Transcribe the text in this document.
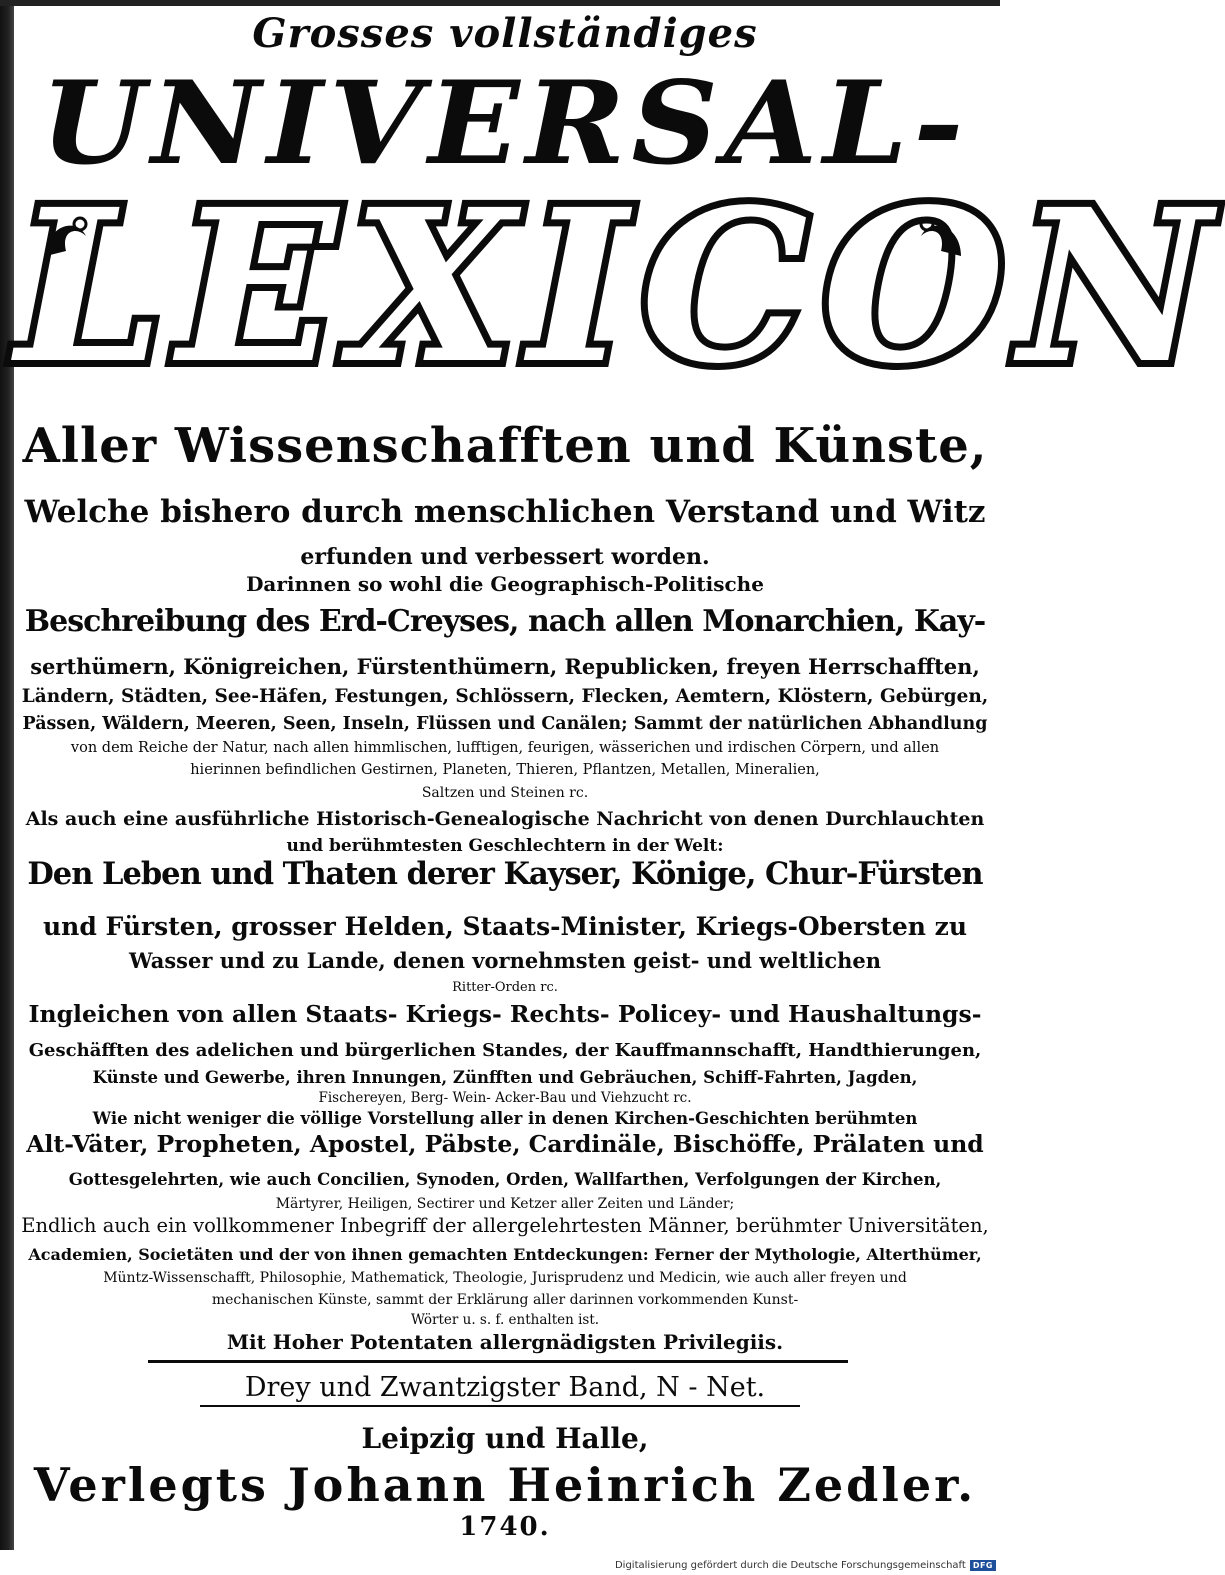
Grosses vollständiges
UNIVERSAL-
LEXICON
Aller Wissenschafften und Künste,
Welche bishero durch menschlichen Verstand und Witz
erfunden und verbessert worden.
Darinnen so wohl die Geographisch-Politische
Beschreibung des Erd-Creyses, nach allen Monarchien, Kay-
serthümern, Königreichen, Fürstenthümern, Republicken, freyen Herrschafften,
Ländern, Städten, See-Häfen, Festungen, Schlössern, Flecken, Aemtern, Klöstern, Gebürgen,
Pässen, Wäldern, Meeren, Seen, Inseln, Flüssen und Canälen; Sammt der natürlichen Abhandlung
von dem Reiche der Natur, nach allen himmlischen, lufftigen, feurigen, wässerichen und irdischen Cörpern, und allen
hierinnen befindlichen Gestirnen, Planeten, Thieren, Pflantzen, Metallen, Mineralien,
Saltzen und Steinen rc.
Als auch eine ausführliche Historisch-Genealogische Nachricht von denen Durchlauchten
und berühmtesten Geschlechtern in der Welt:
Den Leben und Thaten derer Kayser, Könige, Chur-Fürsten
und Fürsten, grosser Helden, Staats-Minister, Kriegs-Obersten zu
Wasser und zu Lande, denen vornehmsten geist- und weltlichen
Ritter-Orden rc.
Ingleichen von allen Staats- Kriegs- Rechts- Policey- und Haushaltungs-
Geschäfften des adelichen und bürgerlichen Standes, der Kauffmannschafft, Handthierungen,
Künste und Gewerbe, ihren Innungen, Zünfften und Gebräuchen, Schiff-Fahrten, Jagden,
Fischereyen, Berg- Wein- Acker-Bau und Viehzucht rc.
Wie nicht weniger die völlige Vorstellung aller in denen Kirchen-Geschichten berühmten
Alt-Väter, Propheten, Apostel, Päbste, Cardinäle, Bischöffe, Prälaten und
Gottesgelehrten, wie auch Concilien, Synoden, Orden, Wallfarthen, Verfolgungen der Kirchen,
Märtyrer, Heiligen, Sectirer und Ketzer aller Zeiten und Länder;
Endlich auch ein vollkommener Inbegriff der allergelehrtesten Männer, berühmter Universitäten,
Academien, Societäten und der von ihnen gemachten Entdeckungen: Ferner der Mythologie, Alterthümer,
Müntz-Wissenschafft, Philosophie, Mathematick, Theologie, Jurisprudenz und Medicin, wie auch aller freyen und
mechanischen Künste, sammt der Erklärung aller darinnen vorkommenden Kunst-
Wörter u. s. f. enthalten ist.
Mit Hoher Potentaten allergnädigsten Privilegiis.
Drey und Zwantzigster Band, N - Net.
Leipzig und Halle,
Verlegts Johann Heinrich Zedler.
1740.
Digitalisierung gefördert durch die Deutsche Forschungsgemeinschaft DFG
